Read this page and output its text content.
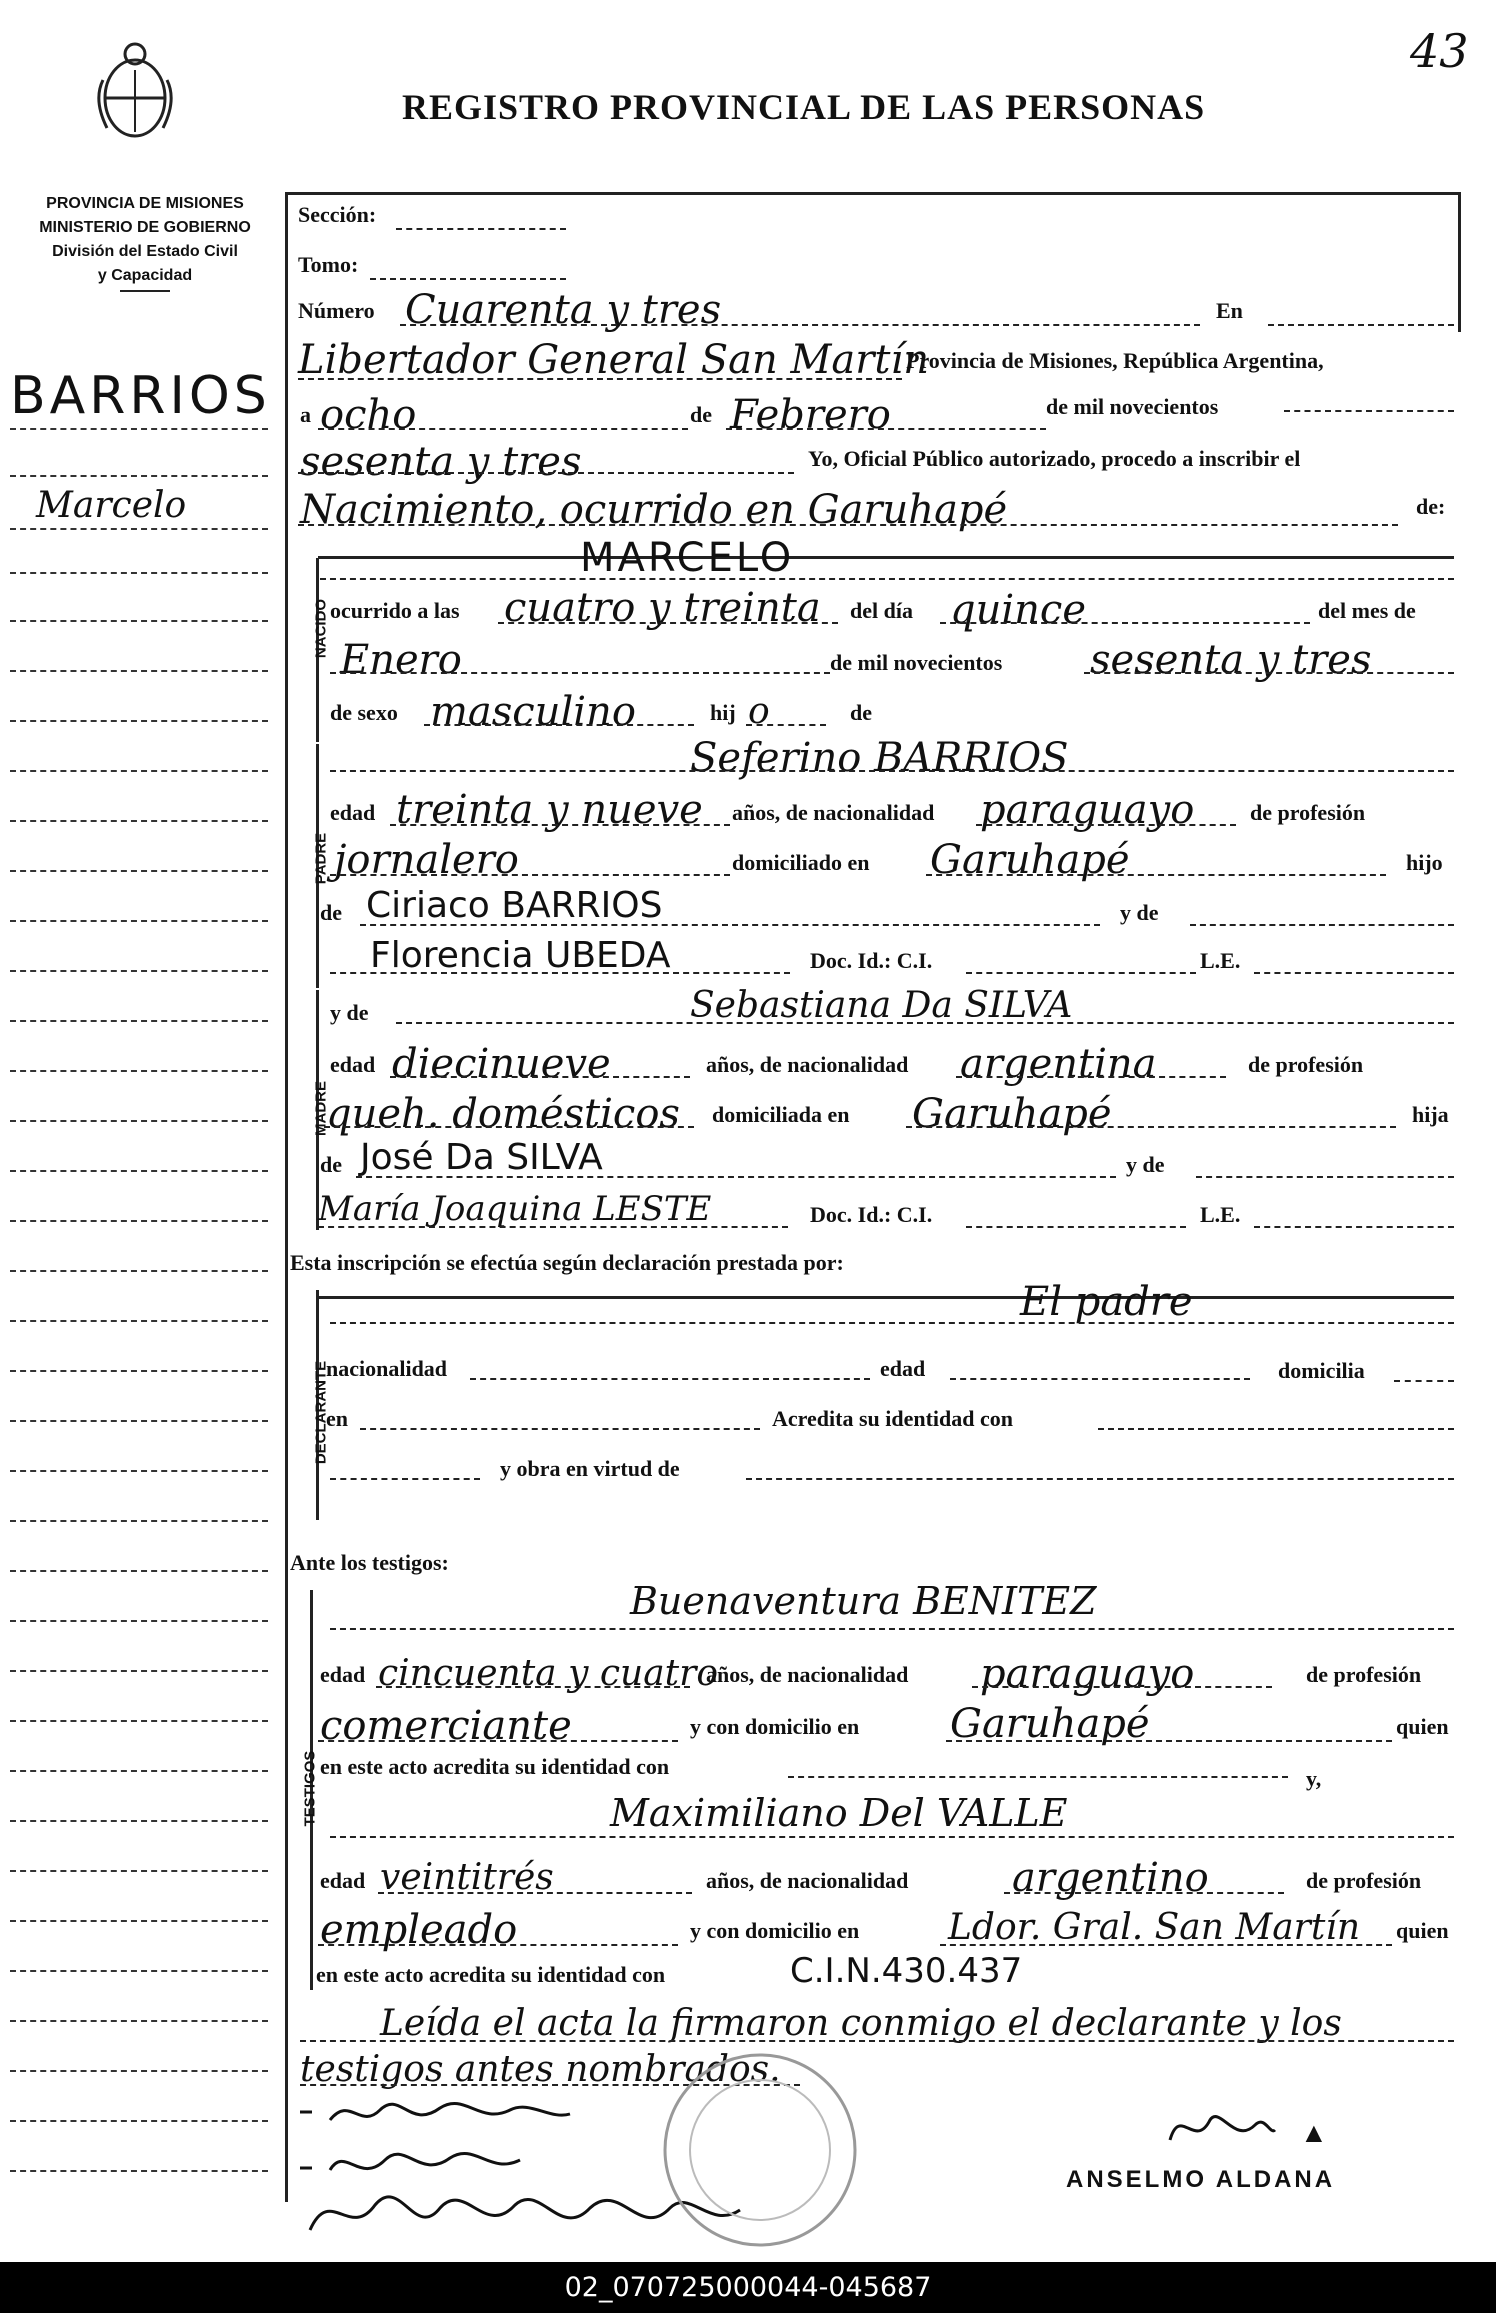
43
REGISTRO PROVINCIAL DE LAS PERSONAS
PROVINCIA DE MISIONES
MINISTERIO DE GOBIERNO
División del Estado Civil
y Capacidad
BARRIOS
Marcelo
Sección:
Tomo:
Número Cuarenta y tres	En
Libertador General San Martín
Provincia de Misiones, República Argentina,
a ocho	de Febrero	de mil novecientos
sesenta y tres	Yo, Oficial Público autorizado, procedo a inscribir el
Nacimiento, ocurrido en Garuhapé	de:
NACIDO
MARCELO
ocurrido a las cuatro y treinta del día quince	del mes de
Enero	de mil novecientos sesenta y tres
de sexo masculino	hij o	de
PADRE
Seferino BARRIOS
edad treinta y nueve años, de nacionalidad paraguayo	de profesión
jornalero	domiciliado en Garuhapé	hijo
de Ciriaco BARRIOS	y de
Florencia UBEDA	Doc. Id.: C.I.	L.E.
MADRE
y de	Sebastiana Da SILVA
edad diecinueve	años, de nacionalidad argentina	de profesión
queh. domésticos domiciliada en Garuhapé	hija
de José Da SILVA	y de
María Joaquina LESTE	Doc. Id.: C.I.	L.E.
Esta inscripción se efectúa según declaración prestada por:
DECLARANTE
El padre
nacionalidad	edad	domicilia
en	Acredita su identidad con
y obra en virtud de
Ante los testigos:
TESTIGOS
Buenaventura BENITEZ
edad cincuenta y cuatro
años, de nacionalidad paraguayo	de profesión
comerciante	y con domicilio en Garuhapé	quien
en este acto acredita su identidad con	y,
Maximiliano Del VALLE
edad veintitrés	años, de nacionalidad	argentino	de profesión
empleado	y con domicilio en Ldor. Gral. San Martín quien
en este acto acredita su identidad con	C.I.N.430.437
Leída el acta la firmaron conmigo el declarante y los
testigos antes nombrados.
▲
ANSELMO ALDANA
02_070725000044-045687
